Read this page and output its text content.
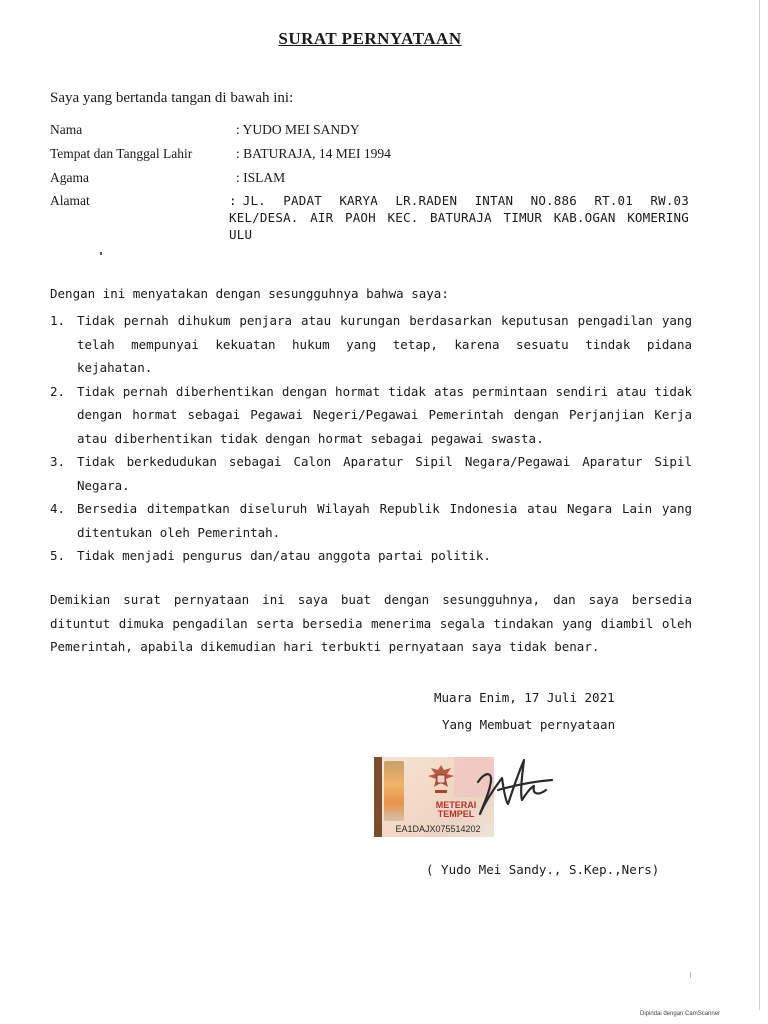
SURAT PERNYATAAN
Saya yang bertanda tangan di bawah ini:
Nama	: YUDO MEI SANDY
Tempat dan Tanggal Lahir	: BATURAJA, 14 MEI 1994
Agama	: ISLAM
Alamat	: JL. PADAT KARYA LR.RADEN INTAN NO.886 RT.01 RW.03 KEL/DESA. AIR PAOH KEC. BATURAJA TIMUR KAB.OGAN KOMERING ULU
Dengan ini menyatakan dengan sesungguhnya bahwa saya:
1. Tidak pernah dihukum penjara atau kurungan berdasarkan keputusan pengadilan yang telah mempunyai kekuatan hukum yang tetap, karena sesuatu tindak pidana kejahatan.
2. Tidak pernah diberhentikan dengan hormat tidak atas permintaan sendiri atau tidak dengan hormat sebagai Pegawai Negeri/Pegawai Pemerintah dengan Perjanjian Kerja atau diberhentikan tidak dengan hormat sebagai pegawai swasta.
3. Tidak berkedudukan sebagai Calon Aparatur Sipil Negara/Pegawai Aparatur Sipil Negara.
4. Bersedia ditempatkan diseluruh Wilayah Republik Indonesia atau Negara Lain yang ditentukan oleh Pemerintah.
5. Tidak menjadi pengurus dan/atau anggota partai politik.
Demikian surat pernyataan ini saya buat dengan sesungguhnya, dan saya bersedia dituntut dimuka pengadilan serta bersedia menerima segala tindakan yang diambil oleh Pemerintah, apabila dikemudian hari terbukti pernyataan saya tidak benar.
Muara Enim, 17 Juli 2021
Yang Membuat pernyataan
METERAI
TEMPEL
EA1DAJX075514202
( Yudo Mei Sandy., S.Kep.,Ners)
Dipindai dengan CamScanner
